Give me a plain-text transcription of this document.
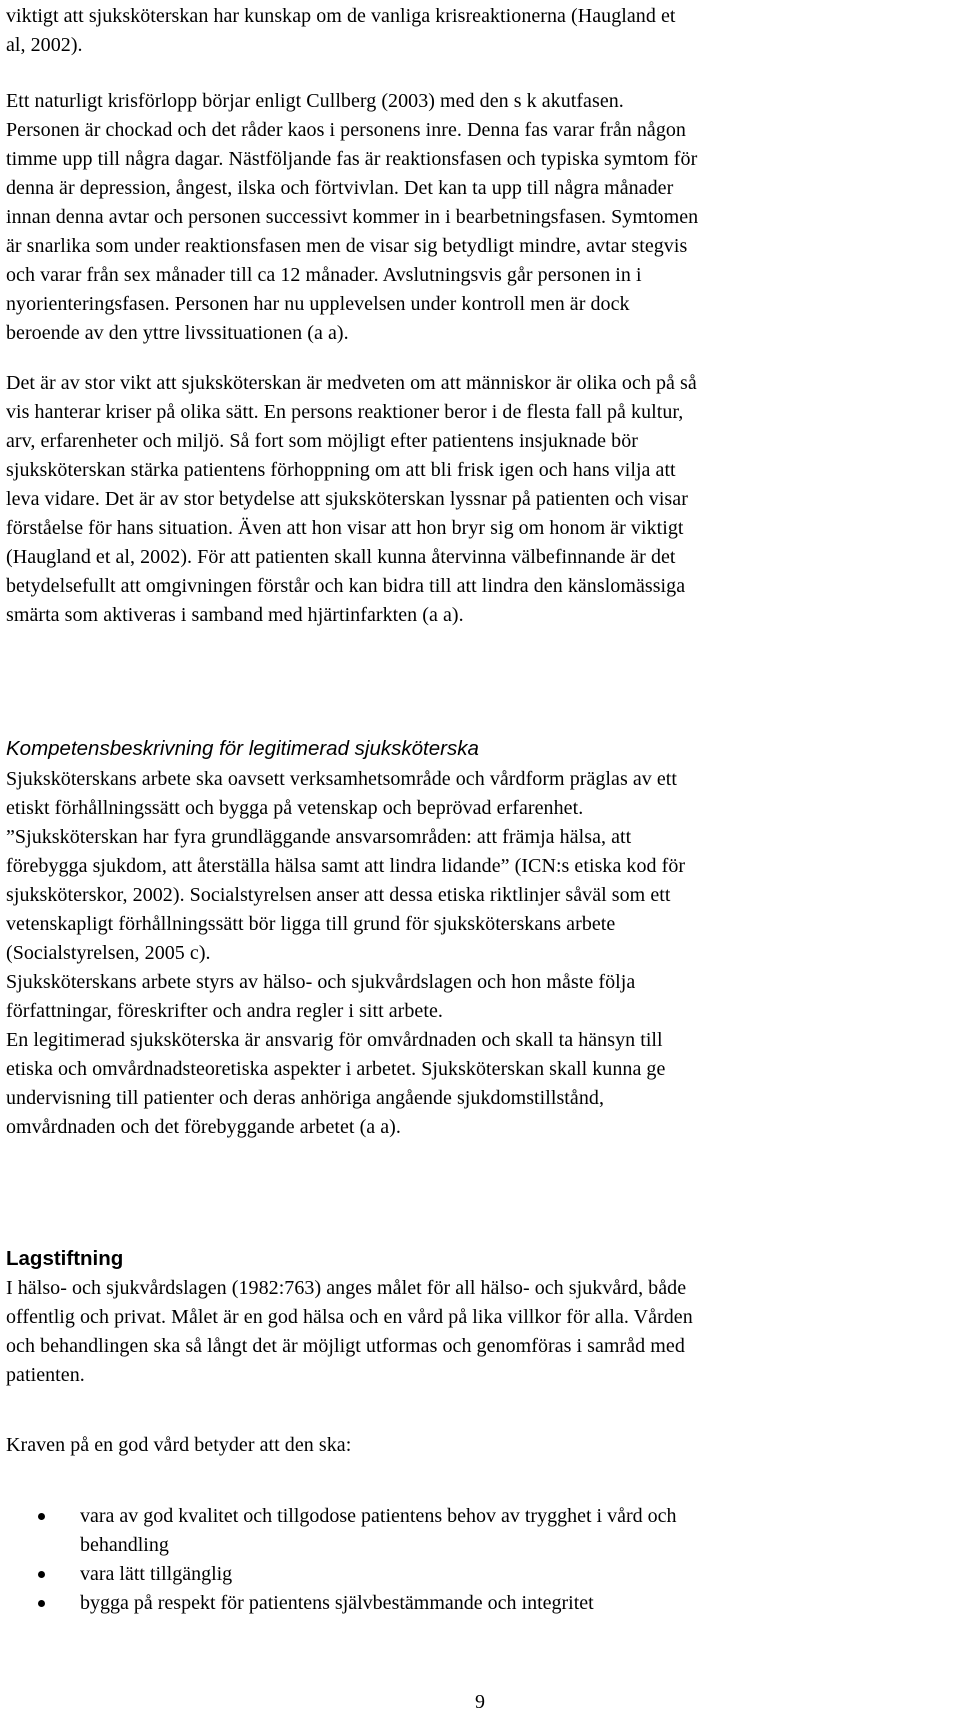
viktigt att sjuksköterskan har kunskap om de vanliga krisreaktionerna (Haugland et
al, 2002).
Ett naturligt krisförlopp börjar enligt Cullberg (2003) med den s k akutfasen.
Personen är chockad och det råder kaos i personens inre. Denna fas varar från någon
timme upp till några dagar. Nästföljande fas är reaktionsfasen och typiska symtom för
denna är depression, ångest, ilska och förtvivlan. Det kan ta upp till några månader
innan denna avtar och personen successivt kommer in i bearbetningsfasen. Symtomen
är snarlika som under reaktionsfasen men de visar sig betydligt mindre, avtar stegvis
och varar från sex månader till ca 12 månader. Avslutningsvis går personen in i
nyorienteringsfasen. Personen har nu upplevelsen under kontroll men är dock
beroende av den yttre livssituationen (a a).
Det är av stor vikt att sjuksköterskan är medveten om att människor är olika och på så
vis hanterar kriser på olika sätt. En persons reaktioner beror i de flesta fall på kultur,
arv, erfarenheter och miljö. Så fort som möjligt efter patientens insjuknade bör
sjuksköterskan stärka patientens förhoppning om att bli frisk igen och hans vilja att
leva vidare. Det är av stor betydelse att sjuksköterskan lyssnar på patienten och visar
förståelse för hans situation. Även att hon visar att hon bryr sig om honom är viktigt
(Haugland et al, 2002). För att patienten skall kunna återvinna välbefinnande är det
betydelsefullt att omgivningen förstår och kan bidra till att lindra den känslomässiga
smärta som aktiveras i samband med hjärtinfarkten (a a).
Kompetensbeskrivning för legitimerad sjuksköterska
Sjuksköterskans arbete ska oavsett verksamhetsområde och vårdform präglas av ett
etiskt förhållningssätt och bygga på vetenskap och beprövad erfarenhet.
”Sjuksköterskan har fyra grundläggande ansvarsområden: att främja hälsa, att
förebygga sjukdom, att återställa hälsa samt att lindra lidande” (ICN:s etiska kod för
sjuksköterskor, 2002). Socialstyrelsen anser att dessa etiska riktlinjer såväl som ett
vetenskapligt förhållningssätt bör ligga till grund för sjuksköterskans arbete
(Socialstyrelsen, 2005 c).
Sjuksköterskans arbete styrs av hälso- och sjukvårdslagen och hon måste följa
författningar, föreskrifter och andra regler i sitt arbete.
En legitimerad sjuksköterska är ansvarig för omvårdnaden och skall ta hänsyn till
etiska och omvårdnadsteoretiska aspekter i arbetet. Sjuksköterskan skall kunna ge
undervisning till patienter och deras anhöriga angående sjukdomstillstånd,
omvårdnaden och det förebyggande arbetet (a a).
Lagstiftning
I hälso- och sjukvårdslagen (1982:763) anges målet för all hälso- och sjukvård, både
offentlig och privat. Målet är en god hälsa och en vård på lika villkor för alla. Vården
och behandlingen ska så långt det är möjligt utformas och genomföras i samråd med
patienten.
Kraven på en god vård betyder att den ska:
vara av god kvalitet och tillgodose patientens behov av trygghet i vård och
behandling
vara lätt tillgänglig
bygga på respekt för patientens självbestämmande och integritet
9
